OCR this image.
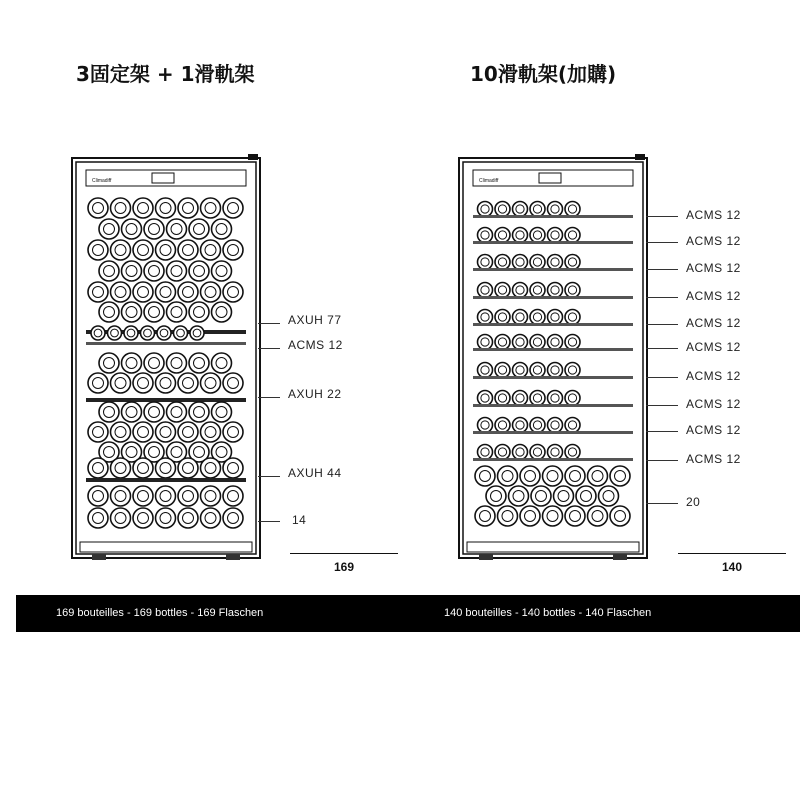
3固定架 + 1滑軌架	10滑軌架(加購)
Climadiff	Climadiff
AXUH 77
ACMS 12
AXUH 22
AXUH 44
14
169
ACMS 12
ACMS 12
ACMS 12
ACMS 12
ACMS 12
ACMS 12
ACMS 12
ACMS 12
ACMS 12
ACMS 12
20
140
169 bouteilles - 169 bottles - 169 Flaschen	140 bouteilles - 140 bottles - 140 Flaschen
